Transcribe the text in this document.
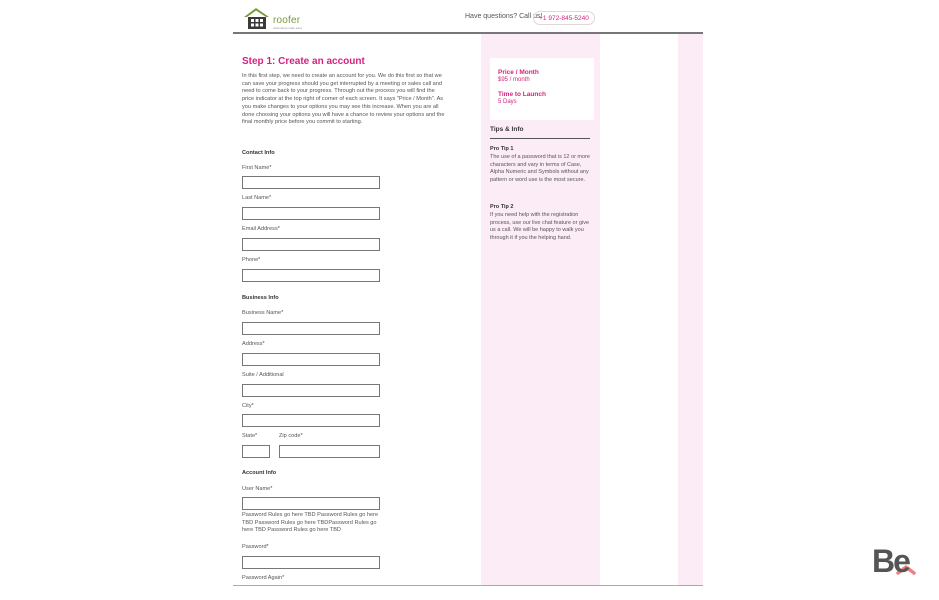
roofer
estimating made easy
Have questions? Call us!
+1 972-845-5240
Price / Month
$95 / month
Time to Launch
5 Days
Tips & Info
Pro Tip 1
The use of a password that is 12 or more characters and vary in terms of Case, Alpha Numeric and Symbols without any pattern or word use is the most secure.
Pro Tip 2
If you need help with the registration process, use our live chat feature or give us a call. We will be happy to walk you through it if you the helping hand.
Step 1: Create an account
In this first step, we need to create an account for you. We do this first so that we can save your progress should you get interrupted by a meeting or sales call and need to come back to your progress. Through out the process you will find the price indicator at the top right of corner of each screen. It says "Price / Month". As you make changes to your options you may see this increase. When you are all done choosing your options you will have a chance to review your options and the final monthly price before you commit to starting.
Contact Info
First Name*
Last Name*
Email Address*
Phone*
Business Info
Business Name*
Address*
Suite / Additional
City*
State*	Zip code*
Account Info
User Name*
Password Rules go here TBD Password Rules go here TBD Password Rules go here TBDPassword Rules go here TBD Password Rules go here TBD
Password*
Password Again*	Be
